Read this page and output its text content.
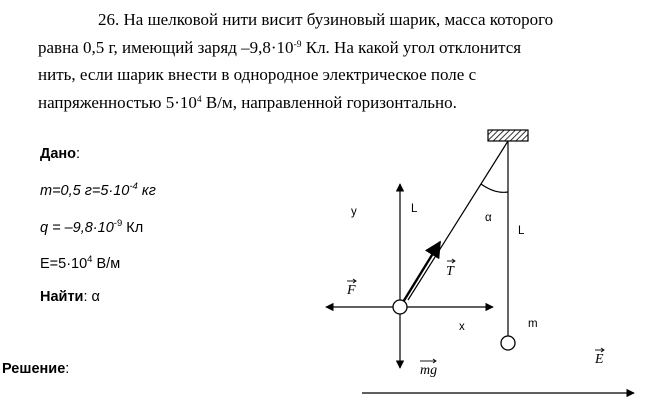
26. На шелковой нити висит бузиновый шарик, масса которого
равна 0,5 г, имеющий заряд $-9,8\cdot 10^{-9}$ Кл. На какой угол отклонится
нить, если шарик внести в однородное электрическое поле с
напряженностью $5\cdot 10^4$ В/м, направленной горизонтально.
Дано:
m=0,5 $г=5\cdot 10^{-4}$ кг
$q = -9,8\cdot 10^{-9}$ Кл
$E=5\cdot 10^4$ В/м
Найти: α
Решение:
y	L
α
L
x	m
T
F
mg
E
